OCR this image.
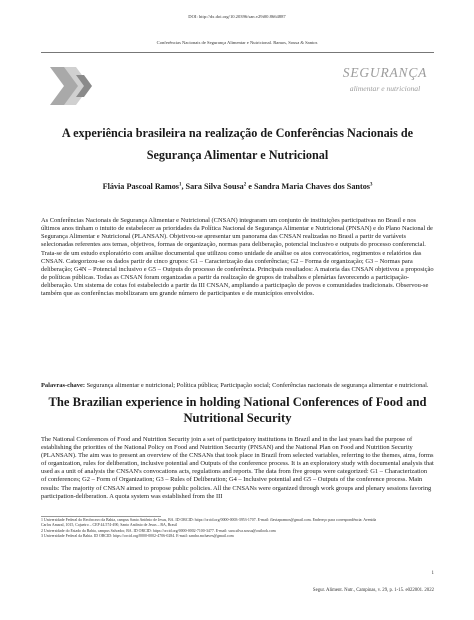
DOI: http://dx.doi.org/10.20396/san.v29i00.8664887
Conferências Nacionais de Segurança Alimentar e Nutricional. Ramos, Sousa & Santos
SEGURANÇA
alimentar e nutricional
A experiência brasileira na realização de Conferências Nacionais de Segurança Alimentar e Nutricional
Flávia Pascoal Ramos$^1$, Sara Silva Sousa$^2$ e Sandra Maria Chaves dos Santos$^3$

As Conferências Nacionais de Segurança Alimentar e Nutricional (CNSAN) integraram um conjunto de instituições participativas no Brasil e nos últimos anos tinham o intuito de estabelecer as prioridades da Política Nacional de Segurança Alimentar e Nutricional (PNSAN) e do Plano Nacional de Segurança Alimentar e Nutricional (PLANSAN). Objetivou-se apresentar um panorama das CNSAN realizadas no Brasil a partir de variáveis selecionadas referentes aos temas, objetivos, formas de organização, normas para deliberação, potencial inclusivo e outputs do processo conferencial. Trata-se de um estudo exploratório com análise documental que utilizou como unidade de análise os atos convocatórios, regimentos e relatórios das CNSAN. Categorizou-se os dados partir de cinco grupos: G1 – Caracterização das conferências; G2 – Forma de organização; G3 – Normas para deliberação; G4N – Potencial inclusivo e G5 – Outputs do processo de conferência. Principais resultados: A maioria das CNSAN objetivou a proposição de políticas públicas. Todas as CNSAN foram organizadas a partir da realização de grupos de trabalhos e plenárias favorecendo a participação-deliberação. Um sistema de cotas foi estabelecido a partir da III CNSAN, ampliando a participação de povos e comunidades tradicionais. Observou-se também que as conferências mobilizaram um grande número de participantes e de municípios envolvidos.

Palavras-chave: Segurança alimentar e nutricional; Política pública; Participação social; Conferências nacionais de segurança alimentar e nutricional.
The Brazilian experience in holding National Conferences of Food and Nutritional Security

The National Conferences of Food and Nutrition Security join a set of participatory institutions in Brazil and in the last years had the purpose of establishing the priorities of the National Policy on Food and Nutrition Security (PNSAN) and the National Plan on Food and Nutrition Security (PLANSAN). The aim was to present an overview of the CNSANs that took place in Brazil from selected variables, referring to the themes, aims, forms of organization, rules for deliberation, inclusive potential and Outputs of the conference process. It is an exploratory study with documental analysis that used as a unit of analysis the CNSAN's convocations acts, regulations and reports. The data from five groups were categorized: G1 – Characterization of conferences; G2 – Form of Organization; G3 – Rules of Deliberation; G4 – Inclusive potential and G5 – Outputs of the conference process. Main results: The majority of CNSAN aimed to propose public policies. All the CNSANs were organized through work groups and plenary sessions favoring participation-deliberation. A quota system was established from the III

1 Universidade Federal do Recôncavo da Bahia, campus Santo Antônio de Jesus, BA. ID ORCID: https://orcid.org/0000-0003-3953-1707. E-mail: flaviapramos@gmail.com. Endereço para correspondência: Avenida
Carlos Amaral, 1015, Cajueiro – CEP 44.574-490, Santo Antônio de Jesus – BA, Brasil
2 Universidade do Estado da Bahia, campus Salvador, BA. ID ORCID: https://orcid.org/0000-0002-7100-3477. E-mail: sara.silva.sousa@outlook.com
3 Universidade Federal da Bahia. ID ORCID: https://orcid.org/0000-0002-4706-0284. E-mail: sandra.mchaves@gmail.com
1
Segur. Aliment. Nutr., Campinas, v. 29, p. 1-15. e022001. 2022
